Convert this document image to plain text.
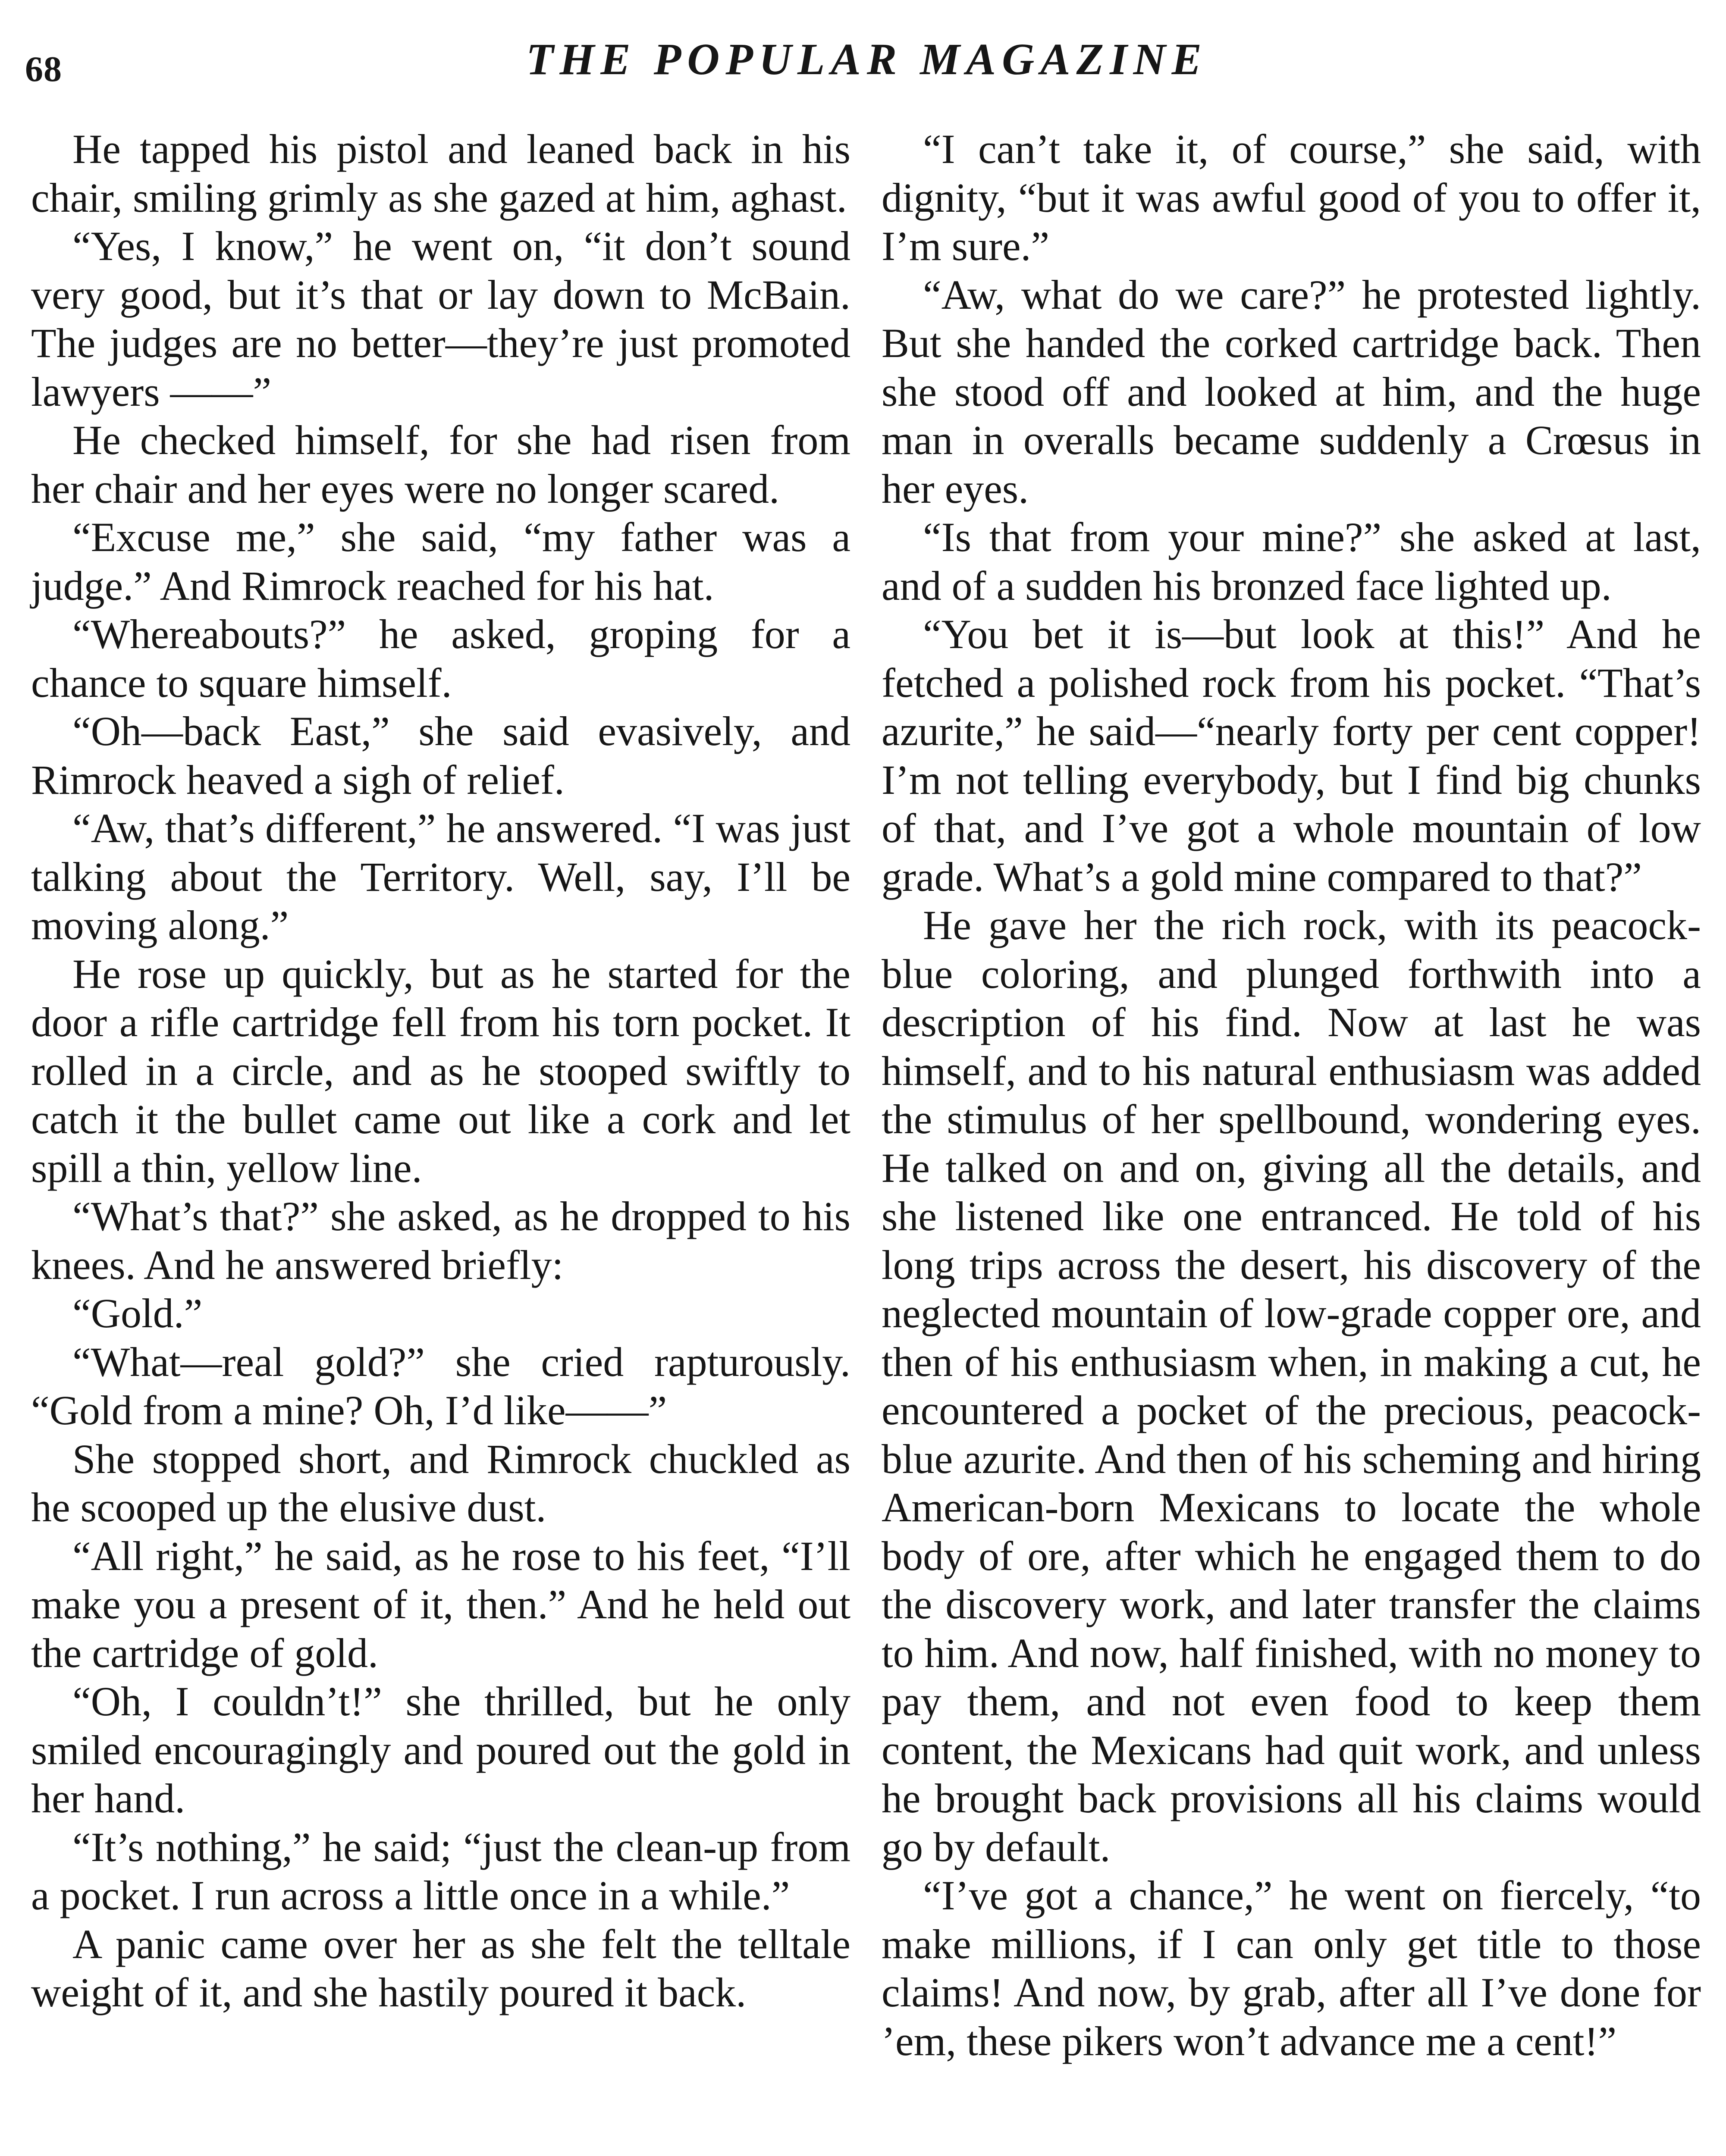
68	THE POPULAR MAGAZINE

He tapped his pistol and leaned back in his chair, smiling grimly as she gazed at him, aghast.

“Yes, I know,” he went on, “it don’t sound very good, but it’s that or lay down to McBain. The judges are no better—they’re just promoted lawyers ——”

He checked himself, for she had risen from her chair and her eyes were no longer scared.

“Excuse me,” she said, “my father was a judge.” And Rimrock reached for his hat.

“Whereabouts?” he asked, groping for a chance to square himself.

“Oh—back East,” she said evasively, and Rimrock heaved a sigh of relief.

“Aw, that’s different,” he answered. “I was just talking about the Territory. Well, say, I’ll be moving along.”

He rose up quickly, but as he started for the door a rifle cartridge fell from his torn pocket. It rolled in a circle, and as he stooped swiftly to catch it the bullet came out like a cork and let spill a thin, yellow line.

“What’s that?” she asked, as he dropped to his knees. And he answered briefly:

“Gold.”

“What—real gold?” she cried rapturously. “Gold from a mine? Oh, I’d like——”

She stopped short, and Rimrock chuckled as he scooped up the elusive dust.

“All right,” he said, as he rose to his feet, “I’ll make you a present of it, then.” And he held out the cartridge of gold.

“Oh, I couldn’t!” she thrilled, but he only smiled encouragingly and poured out the gold in her hand.

“It’s nothing,” he said; “just the clean-up from a pocket. I run across a little once in a while.”

A panic came over her as she felt the telltale weight of it, and she hastily poured it back.

“I can’t take it, of course,” she said, with dignity, “but it was awful good of you to offer it, I’m sure.”

“Aw, what do we care?” he protested lightly. But she handed the corked cartridge back. Then she stood off and looked at him, and the huge man in overalls became suddenly a Crœsus in her eyes.

“Is that from your mine?” she asked at last, and of a sudden his bronzed face lighted up.

“You bet it is—but look at this!” And he fetched a polished rock from his pocket. “That’s azurite,” he said—“nearly forty per cent copper! I’m not telling everybody, but I find big chunks of that, and I’ve got a whole mountain of low grade. What’s a gold mine compared to that?”

He gave her the rich rock, with its peacock-blue coloring, and plunged forthwith into a description of his find. Now at last he was himself, and to his natural enthusiasm was added the stimulus of her spellbound, wondering eyes. He talked on and on, giving all the details, and she listened like one entranced. He told of his long trips across the desert, his discovery of the neglected mountain of low-grade copper ore, and then of his enthusiasm when, in making a cut, he encountered a pocket of the precious, peacock-blue azurite. And then of his scheming and hiring American-born Mexicans to locate the whole body of ore, after which he engaged them to do the discovery work, and later transfer the claims to him. And now, half finished, with no money to pay them, and not even food to keep them content, the Mexicans had quit work, and unless he brought back provisions all his claims would go by default.

“I’ve got a chance,” he went on fiercely, “to make millions, if I can only get title to those claims! And now, by grab, after all I’ve done for ’em, these pikers won’t advance me a cent!”
